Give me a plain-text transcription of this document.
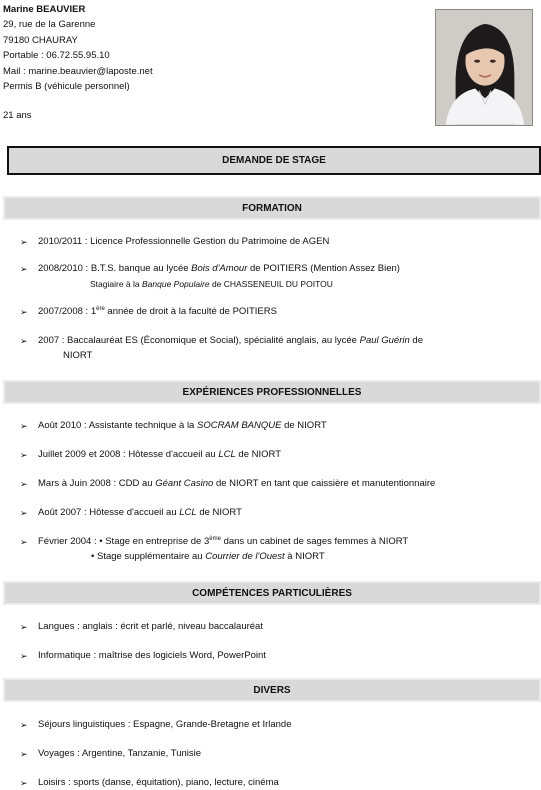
Marine BEAUVIER
29, rue de la Garenne
79180 CHAURAY
Portable : 06.72.55.95.10
Mail : marine.beauvier@laposte.net
Permis B (véhicule personnel)
21 ans
DEMANDE DE STAGE
FORMATION
➢ 2010/2011 : Licence Professionnelle Gestion du Patrimoine de AGEN
➢ 2008/2010 : B.T.S. banque au lycée Bois d'Amour de POITIERS (Mention Assez Bien)
Stagiaire à la Banque Populaire de CHASSENEUIL DU POITOU
➢ 2007/2008 : 1ère année de droit à la faculté de POITIERS
➢ 2007 : Baccalauréat ES (Économique et Social), spécialité anglais, au lycée Paul Guérin de
NIORT
EXPÉRIENCES PROFESSIONNELLES
➢ Août 2010 : Assistante technique à la SOCRAM BANQUE de NIORT
➢ Juillet 2009 et 2008 : Hôtesse d'accueil au LCL de NIORT
➢ Mars à Juin 2008 : CDD au Géant Casino de NIORT en tant que caissière et manutentionnaire
➢ Août 2007 : Hôtesse d'accueil au LCL de NIORT
➢ Février 2004 : • Stage en entreprise de 3ème dans un cabinet de sages femmes à NIORT
• Stage supplémentaire au Courrier de l'Ouest à NIORT
COMPÉTENCES PARTICULIÈRES
➢ Langues : anglais : écrit et parlé, niveau baccalauréat
➢ Informatique : maîtrise des logiciels Word, PowerPoint
DIVERS
➢ Séjours linguistiques : Espagne, Grande-Bretagne et Irlande
➢ Voyages : Argentine, Tanzanie, Tunisie
➢ Loisirs : sports (danse, équitation), piano, lecture, cinéma
